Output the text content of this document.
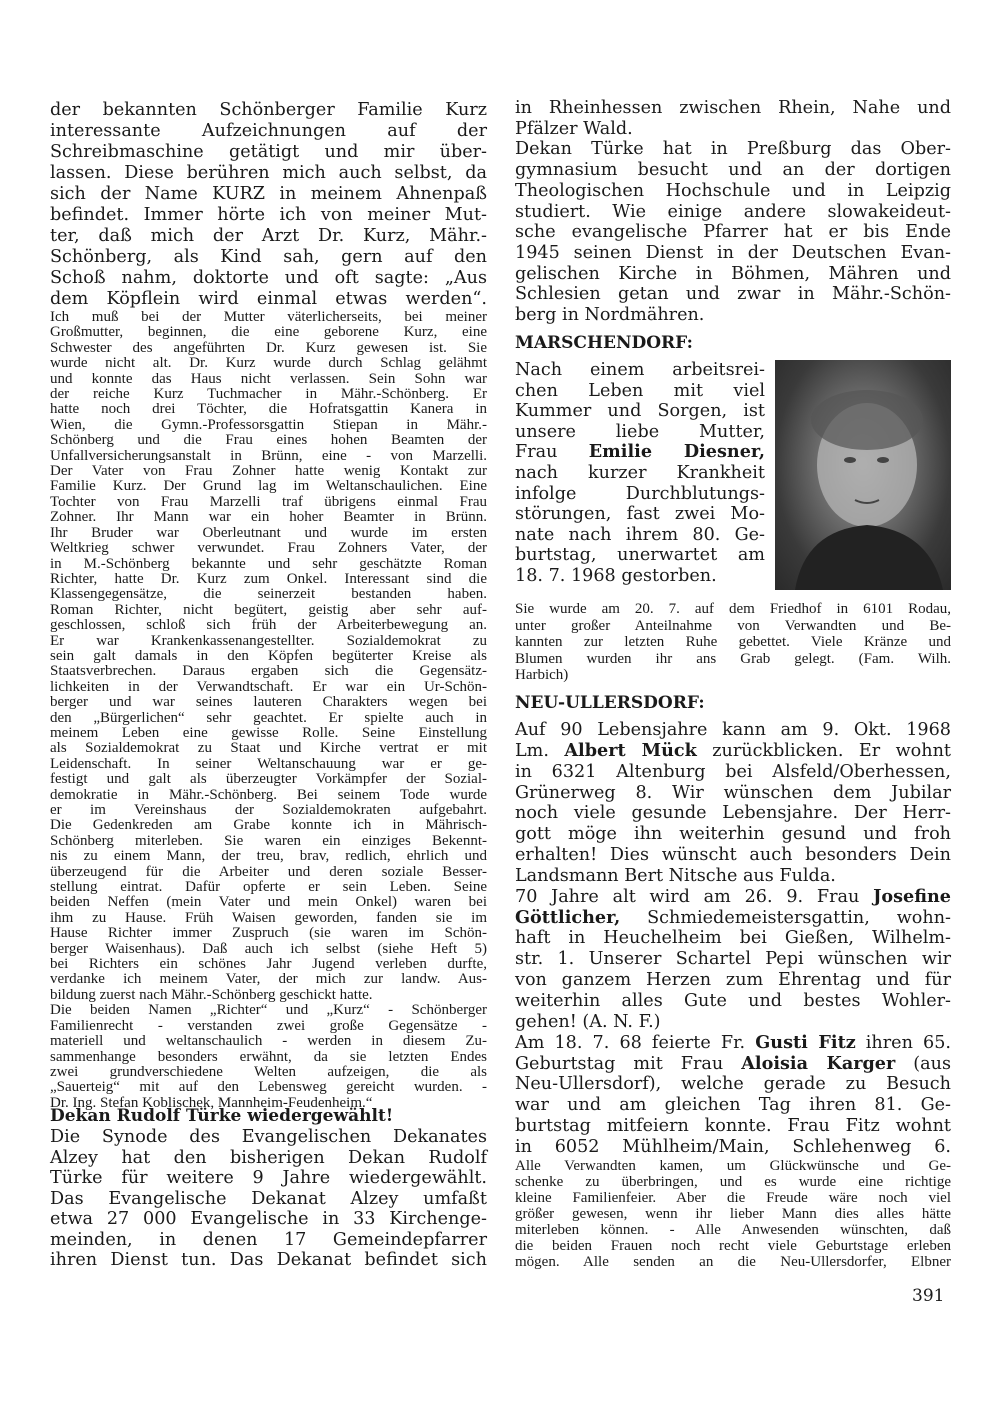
der bekannten Schönberger Familie Kurz
interessante Aufzeichnungen auf der
Schreibmaschine getätigt und mir über-
lassen. Diese berühren mich auch selbst, da
sich der Name KURZ in meinem Ahnenpaß
befindet. Immer hörte ich von meiner Mut-
ter, daß mich der Arzt Dr. Kurz, Mähr.-
Schönberg, als Kind sah, gern auf den
Schoß nahm, doktorte und oft sagte: „Aus
dem Köpflein wird einmal etwas werden“.
Ich muß bei der Mutter väterlicherseits, bei meiner
Großmutter, beginnen, die eine geborene Kurz, eine
Schwester des angeführten Dr. Kurz gewesen ist. Sie
wurde nicht alt. Dr. Kurz wurde durch Schlag gelähmt
und konnte das Haus nicht verlassen. Sein Sohn war
der reiche Kurz Tuchmacher in Mähr.-Schönberg. Er
hatte noch drei Töchter, die Hofratsgattin Kanera in
Wien, die Gymn.-Professorsgattin Stiepan in Mähr.-
Schönberg und die Frau eines hohen Beamten der
Unfallversicherungsanstalt in Brünn, eine - von Marzelli.
Der Vater von Frau Zohner hatte wenig Kontakt zur
Familie Kurz. Der Grund lag im Weltanschaulichen. Eine
Tochter von Frau Marzelli traf übrigens einmal Frau
Zohner. Ihr Mann war ein hoher Beamter in Brünn.
Ihr Bruder war Oberleutnant und wurde im ersten
Weltkrieg schwer verwundet. Frau Zohners Vater, der
in M.-Schönberg bekannte und sehr geschätzte Roman
Richter, hatte Dr. Kurz zum Onkel. Interessant sind die
Klassengegensätze, die seinerzeit bestanden haben.
Roman Richter, nicht begütert, geistig aber sehr auf-
geschlossen, schloß sich früh der Arbeiterbewegung an.
Er war Krankenkassenangestellter. Sozialdemokrat zu
sein galt damals in den Köpfen begüterter Kreise als
Staatsverbrechen. Daraus ergaben sich die Gegensätz-
lichkeiten in der Verwandtschaft. Er war ein Ur-Schön-
berger und war seines lauteren Charakters wegen bei
den „Bürgerlichen“ sehr geachtet. Er spielte auch in
meinem Leben eine gewisse Rolle. Seine Einstellung
als Sozialdemokrat zu Staat und Kirche vertrat er mit
Leidenschaft. In seiner Weltanschauung war er ge-
festigt und galt als überzeugter Vorkämpfer der Sozial-
demokratie in Mähr.-Schönberg. Bei seinem Tode wurde
er im Vereinshaus der Sozialdemokraten aufgebahrt.
Die Gedenkreden am Grabe konnte ich in Mährisch-
Schönberg miterleben. Sie waren ein einziges Bekennt-
nis zu einem Mann, der treu, brav, redlich, ehrlich und
überzeugend für die Arbeiter und deren soziale Besser-
stellung eintrat. Dafür opferte er sein Leben. Seine
beiden Neffen (mein Vater und mein Onkel) waren bei
ihm zu Hause. Früh Waisen geworden, fanden sie im
Hause Richter immer Zuspruch (sie waren im Schön-
berger Waisenhaus). Daß auch ich selbst (siehe Heft 5)
bei Richters ein schönes Jahr Jugend verleben durfte,
verdanke ich meinem Vater, der mich zur landw. Aus-
bildung zuerst nach Mähr.-Schönberg geschickt hatte.
Die beiden Namen „Richter“ und „Kurz“ - Schönberger
Familienrecht - verstanden zwei große Gegensätze -
materiell und weltanschaulich - werden in diesem Zu-
sammenhange besonders erwähnt, da sie letzten Endes
zwei grundverschiedene Welten aufzeigen, die als
„Sauerteig“ mit auf den Lebensweg gereicht wurden. -
Dr. Ing. Stefan Koblischek, Mannheim-Feudenheim.“
Dekan Rudolf Türke wiedergewählt!
Die Synode des Evangelischen Dekanates
Alzey hat den bisherigen Dekan Rudolf
Türke für weitere 9 Jahre wiedergewählt.
Das Evangelische Dekanat Alzey umfaßt
etwa 27 000 Evangelische in 33 Kirchenge-
meinden, in denen 17 Gemeindepfarrer
ihren Dienst tun. Das Dekanat befindet sich
in Rheinhessen zwischen Rhein, Nahe und
Pfälzer Wald.
Dekan Türke hat in Preßburg das Ober-
gymnasium besucht und an der dortigen
Theologischen Hochschule und in Leipzig
studiert. Wie einige andere slowakeideut-
sche evangelische Pfarrer hat er bis Ende
1945 seinen Dienst in der Deutschen Evan-
gelischen Kirche in Böhmen, Mähren und
Schlesien getan und zwar in Mähr.-Schön-
berg in Nordmähren.
MARSCHENDORF:
Nach einem arbeitsrei-
chen Leben mit viel
Kummer und Sorgen, ist
unsere liebe Mutter,
Frau Emilie Diesner,
nach kurzer Krankheit
infolge Durchblutungs-
störungen, fast zwei Mo-
nate nach ihrem 80. Ge-
burtstag, unerwartet am
18. 7. 1968 gestorben.
Sie wurde am 20. 7. auf dem Friedhof in 6101 Rodau,
unter großer Anteilnahme von Verwandten und Be-
kannten zur letzten Ruhe gebettet. Viele Kränze und
Blumen wurden ihr ans Grab gelegt. (Fam. Wilh.
Harbich)
NEU-ULLERSDORF:
Auf 90 Lebensjahre kann am 9. Okt. 1968
Lm. Albert Mück zurückblicken. Er wohnt
in 6321 Altenburg bei Alsfeld/Oberhessen,
Grünerweg 8. Wir wünschen dem Jubilar
noch viele gesunde Lebensjahre. Der Herr-
gott möge ihn weiterhin gesund und froh
erhalten! Dies wünscht auch besonders Dein
Landsmann Bert Nitsche aus Fulda.
70 Jahre alt wird am 26. 9. Frau Josefine
Göttlicher, Schmiedemeistersgattin, wohn-
haft in Heuchelheim bei Gießen, Wilhelm-
str. 1. Unserer Schartel Pepi wünschen wir
von ganzem Herzen zum Ehrentag und für
weiterhin alles Gute und bestes Wohler-
gehen! (A. N. F.)
Am 18. 7. 68 feierte Fr. Gusti Fitz ihren 65.
Geburtstag mit Frau Aloisia Karger (aus
Neu-Ullersdorf), welche gerade zu Besuch
war und am gleichen Tag ihren 81. Ge-
burtstag mitfeiern konnte. Frau Fitz wohnt
in 6052 Mühlheim/Main, Schlehenweg 6.
Alle Verwandten kamen, um Glückwünsche und Ge-
schenke zu überbringen, und es wurde eine richtige
kleine Familienfeier. Aber die Freude wäre noch viel
größer gewesen, wenn ihr lieber Mann dies alles hätte
miterleben können. - Alle Anwesenden wünschten, daß
die beiden Frauen noch recht viele Geburtstage erleben
mögen. Alle senden an die Neu-Ullersdorfer, Elbner
391
